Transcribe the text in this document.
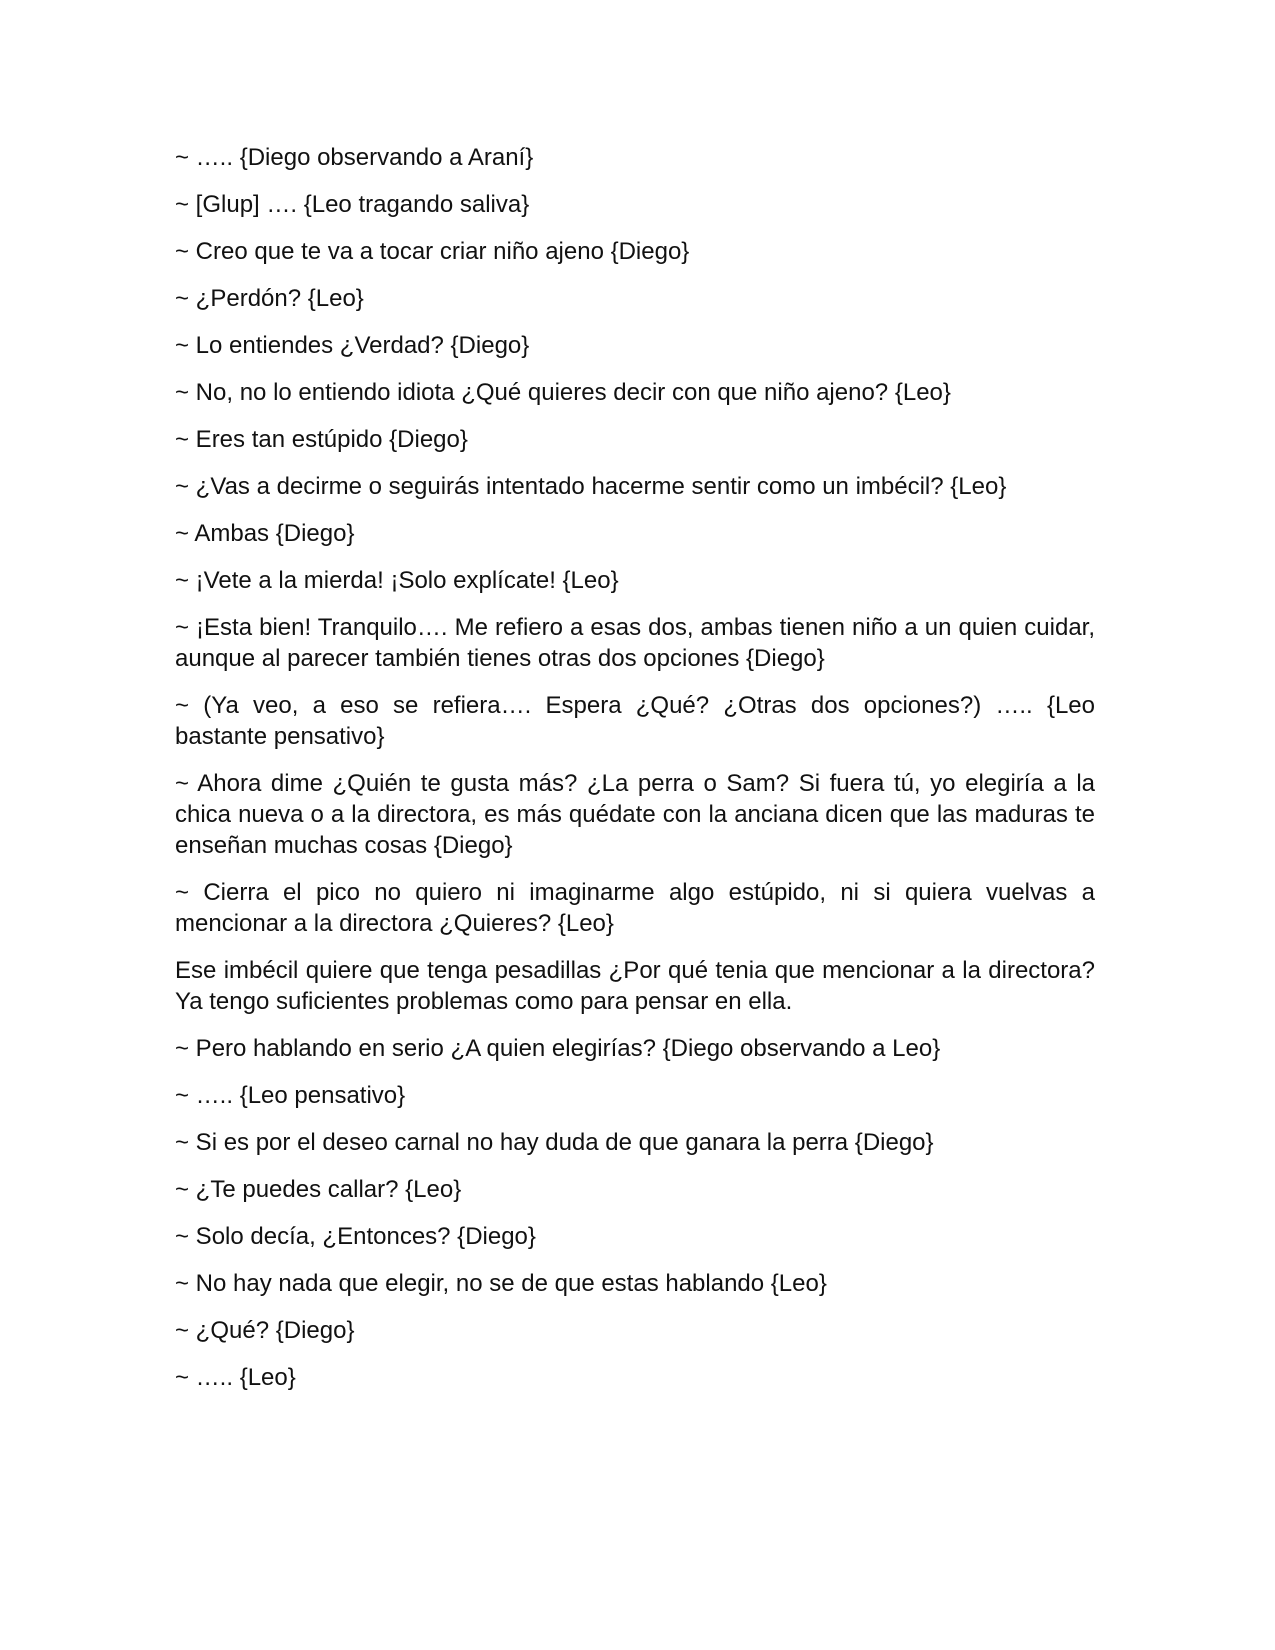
~ ….. {Diego observando a Araní}

~ [Glup] …. {Leo tragando saliva}

~ Creo que te va a tocar criar niño ajeno {Diego}

~ ¿Perdón? {Leo}

~ Lo entiendes ¿Verdad? {Diego}

~ No, no lo entiendo idiota ¿Qué quieres decir con que niño ajeno? {Leo}

~ Eres tan estúpido {Diego}

~ ¿Vas a decirme o seguirás intentado hacerme sentir como un imbécil? {Leo}

~ Ambas {Diego}

~ ¡Vete a la mierda! ¡Solo explícate! {Leo}

~ ¡Esta bien! Tranquilo…. Me refiero a esas dos, ambas tienen niño a un quien cuidar, aunque al parecer también tienes otras dos opciones {Diego}

~ (Ya veo, a eso se refiera…. Espera ¿Qué? ¿Otras dos opciones?) ….. {Leo bastante pensativo}

~ Ahora dime ¿Quién te gusta más? ¿La perra o Sam? Si fuera tú, yo elegiría a la chica nueva o a la directora, es más quédate con la anciana dicen que las maduras te enseñan muchas cosas {Diego}

~ Cierra el pico no quiero ni imaginarme algo estúpido, ni si quiera vuelvas a mencionar a la directora ¿Quieres? {Leo}

Ese imbécil quiere que tenga pesadillas ¿Por qué tenia que mencionar a la directora? Ya tengo suficientes problemas como para pensar en ella.

~ Pero hablando en serio ¿A quien elegirías? {Diego observando a Leo}

~ ….. {Leo pensativo}

~ Si es por el deseo carnal no hay duda de que ganara la perra {Diego}

~ ¿Te puedes callar? {Leo}

~ Solo decía, ¿Entonces? {Diego}

~ No hay nada que elegir, no se de que estas hablando {Leo}

~ ¿Qué? {Diego}

~ ….. {Leo}
